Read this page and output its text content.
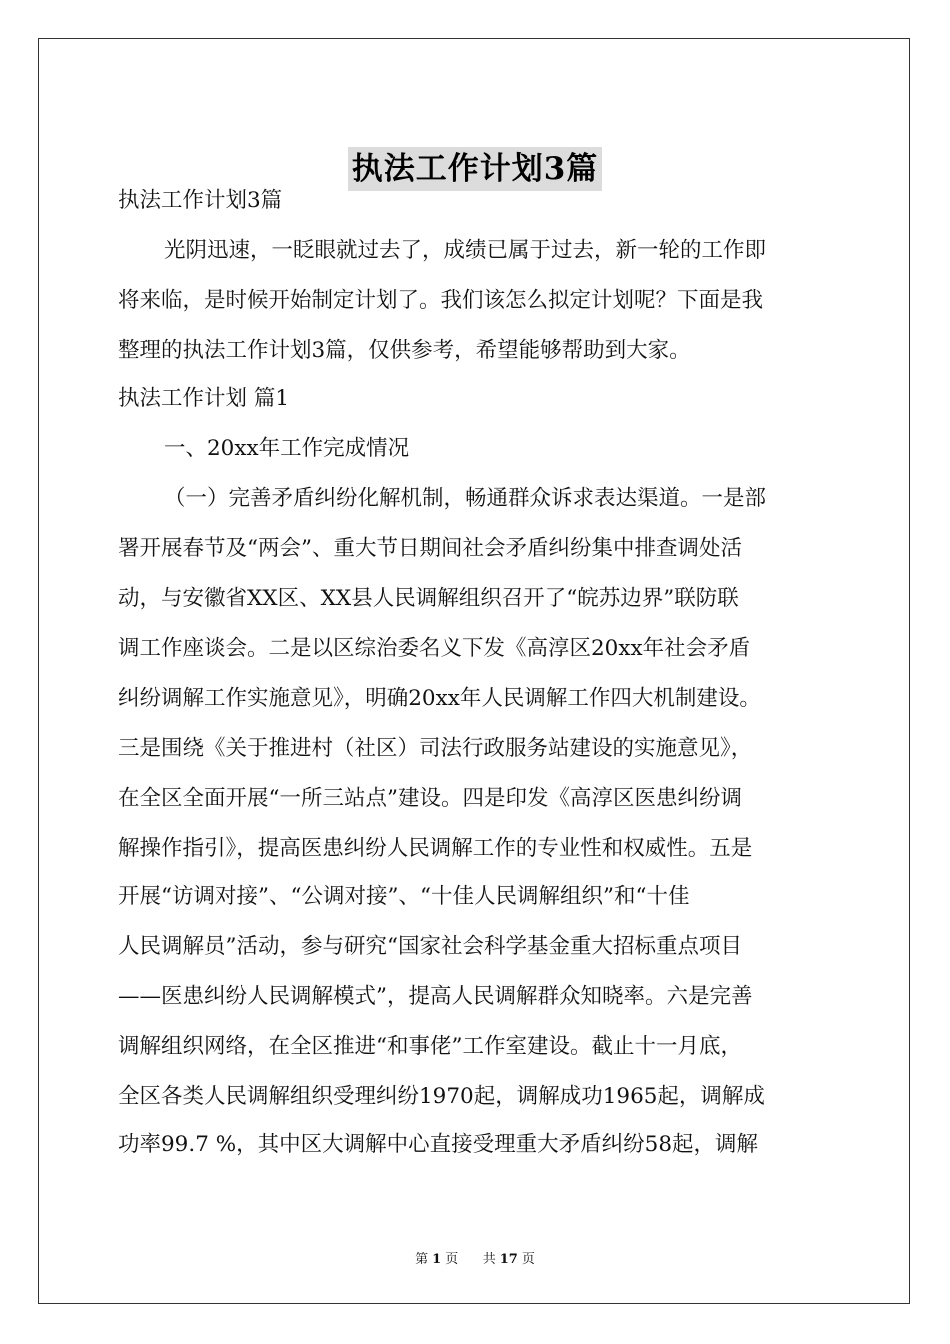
执法工作计划3篇

执法工作计划3篇

光阴迅速，一眨眼就过去了，成绩已属于过去，新一轮的工作即

将来临，是时候开始制定计划了。我们该怎么拟定计划呢？下面是我

整理的执法工作计划3篇，仅供参考，希望能够帮助到大家。

执法工作计划 篇1

一、20xx年工作完成情况

（一）完善矛盾纠纷化解机制，畅通群众诉求表达渠道。一是部

署开展春节及“两会”、重大节日期间社会矛盾纠纷集中排查调处活

动，与安徽省XX区、XX县人民调解组织召开了“皖苏边界”联防联

调工作座谈会。二是以区综治委名义下发《高淳区20xx年社会矛盾

纠纷调解工作实施意见》，明确20xx年人民调解工作四大机制建设。

三是围绕《关于推进村（社区）司法行政服务站建设的实施意见》，

在全区全面开展“一所三站点”建设。四是印发《高淳区医患纠纷调

解操作指引》，提高医患纠纷人民调解工作的专业性和权威性。五是

开展“访调对接”、“公调对接”、“十佳人民调解组织”和“十佳

人民调解员”活动，参与研究“国家社会科学基金重大招标重点项目

——医患纠纷人民调解模式”，提高人民调解群众知晓率。六是完善

调解组织网络，在全区推进“和事佬”工作室建设。截止十一月底，

全区各类人民调解组织受理纠纷1970起，调解成功1965起，调解成

功率99.7 %，其中区大调解中心直接受理重大矛盾纠纷58起，调解

第 1 页 共 17 页
